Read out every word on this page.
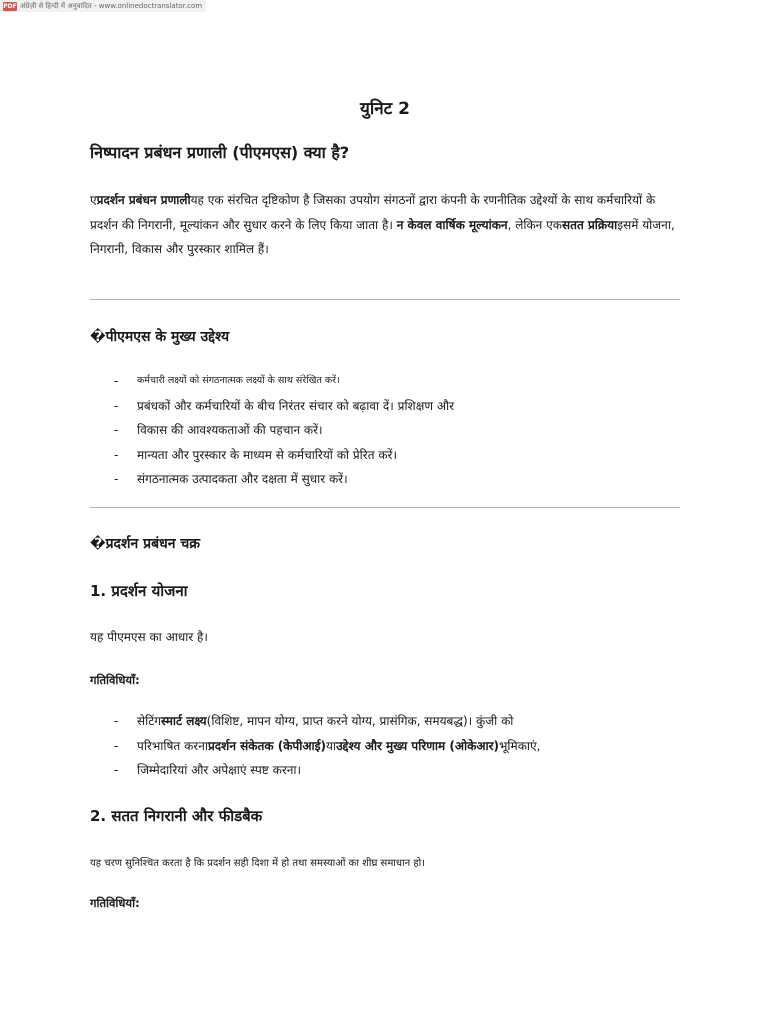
PDF अंग्रेज़ी से हिन्दी में अनुवादित - www.onlinedoctranslator.com
युनिट 2
निष्पादन प्रबंधन प्रणाली (पीएमएस) क्या है?

एप्रदर्शन प्रबंधन प्रणालीयह एक संरचित दृष्टिकोण है जिसका उपयोग संगठनों द्वारा कंपनी के रणनीतिक उद्देश्यों के साथ कर्मचारियों के प्रदर्शन की निगरानी, मूल्यांकन और सुधार करने के लिए किया जाता है। न केवल वार्षिक मूल्यांकन, लेकिन एकसतत प्रक्रियाइसमें योजना, निगरानी, विकास और पुरस्कार शामिल हैं।

�पीएमएस के मुख्य उद्देश्य
- कर्मचारी लक्ष्यों को संगठनात्मक लक्ष्यों के साथ संरेखित करें।
- प्रबंधकों और कर्मचारियों के बीच निरंतर संचार को बढ़ावा दें। प्रशिक्षण और
- विकास की आवश्यकताओं की पहचान करें।
- मान्यता और पुरस्कार के माध्यम से कर्मचारियों को प्रेरित करें।
- संगठनात्मक उत्पादकता और दक्षता में सुधार करें।
�प्रदर्शन प्रबंधन चक्र
1. प्रदर्शन योजना

यह पीएमएस का आधार है।

गतिविधियाँ:

- सेटिंगस्मार्ट लक्ष्य(विशिष्ट, मापन योग्य, प्राप्त करने योग्य, प्रासंगिक, समयबद्ध)। कुंजी को
- परिभाषित करनाप्रदर्शन संकेतक (केपीआई)याउद्देश्य और मुख्य परिणाम (ओकेआर)भूमिकाएं,
- जिम्मेदारियां और अपेक्षाएं स्पष्ट करना।
2. सतत निगरानी और फीडबैक

यह चरण सुनिश्चित करता है कि प्रदर्शन सही दिशा में हो तथा समस्याओं का शीघ्र समाधान हो।

गतिविधियाँ:
